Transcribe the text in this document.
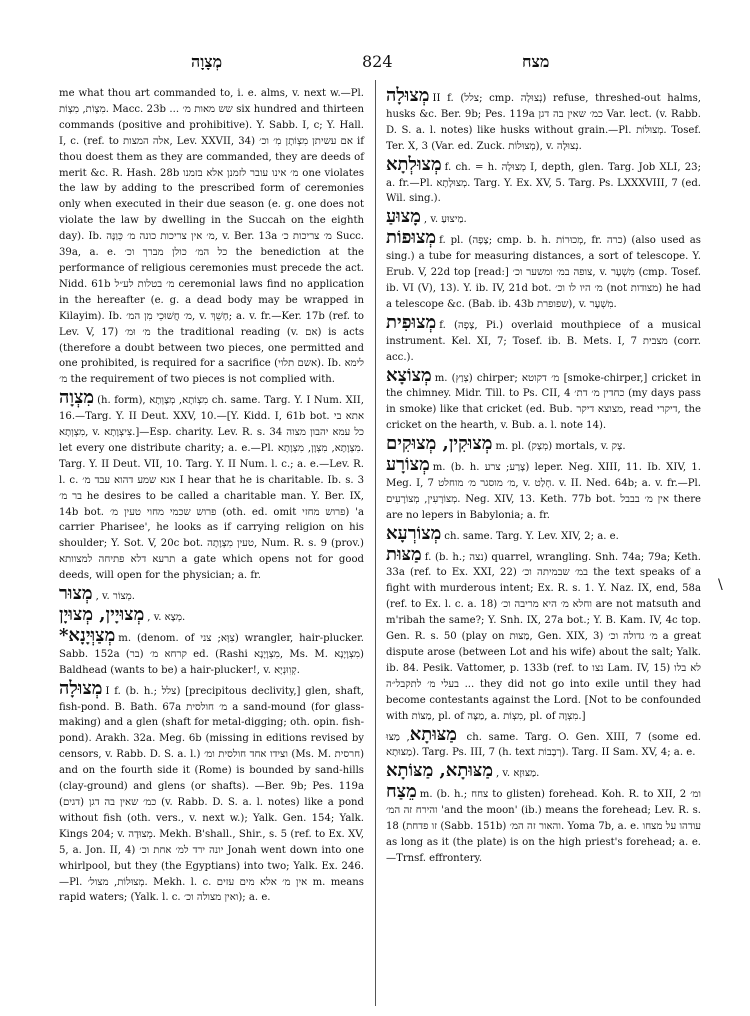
מְצָוָה	824	מצח

me what thou art commanded to, i. e. alms, v. next w.—Pl. מִצְוֹת, מִצְוֹת. Macc. 23b ... שש מאות מ׳ six hundred and thirteen commands (positive and prohibitive). Y. Sabb. I, c; Y. Hall. I, c. (ref. to אלה המצות, Lev. XXVII, 34) אם עשיתן מִצְוֹתָן מִ׳ וכ׳ if thou doest them as they are commanded, they are deeds of merit &c. R. Hash. 28b מ׳ אינו עובר לזמנן אלא בזמנו one violates the law by adding to the prescribed form of ceremonies only when executed in their due season (e. g. one does not violate the law by dwelling in the Succah on the eighth day). Ib. מ׳ אין צריכות כונה מ׳ כְּוַנָּה, v. Ber. 13a מ׳ צריכות כ׳ Succ. 39a, a. e. כל המ׳ כולן מברך וכ׳ the benediction at the performance of religious ceremonies must precede the act. Nidd. 61b מ׳ בטלות לע״ל ceremonial laws find no application in the hereafter (e. g. a dead body may be wrapped in Kilayim). Ib. מ׳ חֲשׁוּכֵי מִן המ׳, v. חָשֵׁךְ; a. v. fr.—Ker. 17b (ref. to Lev. V, 17) מ׳ וּמ׳ the traditional reading (v. אם) is acts (therefore a doubt between two pieces, one permitted and one prohibited, is required for a sacrifice (אשם תלוי). Ib. לימא מ׳ the requirement of two pieces is not complied with.

מִצְוָה (h. form), מִצְוֹתָא, מְצָוְתָא ch. same. Targ. Y. I Num. XII, 16.—Targ. Y. II Deut. XXV, 10.—[Y. Kidd. I, 61b bot. אתא בי מִצְוְתָא, v. צִיצְוָתָא.]—Esp. charity. Lev. R. s. 34 כל עמא יהבון מצוה let every one distribute charity; a. e.—Pl. מִצְוָתָא, מִצְוָן, מִצְוָתָא. Targ. Y. II Deut. VII, 10. Targ. Y. II Num. l. c.; a. e.—Lev. R. l. c. אנא שמע דהוא עבד מ׳ I hear that he is charitable. Ib. s. 3 בר מ׳ he desires to be called a charitable man. Y. Ber. IX, 14b bot. פרוש שכמי מחוי טעין מ׳ (oth. ed. omit פרוש מחזי) 'a carrier Pharisee', he looks as if carrying religion on his shoulder; Y. Sot. V, 20c bot. טעין מִצְוָתָה, Num. R. s. 9 (prov.) תרעא דלא פתיחה למצוותא a gate which opens not for good deeds, will open for the physician; a. fr.

מְצוּר , v. מְצוֹר.

מְצוּיָין, מְצוּיָן , v. מְצָא.

*מְצַוְּיָנָא m. (denom. of צִוָּא; צני) wrangler, hair-plucker. Sabb. 152a (בר) קרחא מ׳ ed. (Rashi מִצְוָיָנָא, Ms. M. מִצְוָיָנָא) Baldhead (wants to be) a hair-plucker!, v. קְוִוּנְיָא.

מְצוּלָה I f. (b. h.; צלל) [precipitous declivity,] glen, shaft, fish-pond. B. Bath. 67a מ׳ חולסית a sand-mound (for glass-making) and a glen (shaft for metal-digging; oth. opin. fish-pond). Arakh. 32a. Meg. 6b (missing in editions revised by censors, v. Rabb. D. S. a. l.) וצידו אחד חולסית ומ׳ (Ms. M. חרסית) and on the fourth side it (Rome) is bounded by sand-hills (clay-ground) and glens (or shafts). —Ber. 9b; Pes. 119a (דגים) כמ׳ שאין בה דגן (v. Rabb. D. S. a. l. notes) like a pond without fish (oth. vers., v. next w.); Yalk. Gen. 154; Yalk. Kings 204; v. מְצוּדָה. Mekh. B'shall., Shir., s. 5 (ref. to Ex. XV, 5, a. Jon. II, 4) יונה ירד למ׳ אחת וכ׳ Jonah went down into one whirlpool, but they (the Egyptians) into two; Yalk. Ex. 246.—Pl. מְצוּלוֹת, מצול׳. Mekh. l. c. אין מ׳ אלא מים עזים m. means rapid waters; (Yalk. l. c. ואין מצולה וכ׳); a. e.

מְצוּלָה II f. (צלל; cmp. נְצוּלָה) refuse, threshed-out halms, husks &c. Ber. 9b; Pes. 119a כמ׳ שאין בה דגן Var. lect. (v. Rabb. D. S. a. l. notes) like husks without grain.—Pl. מְצוּלוֹת. Tosef. Ter. X, 3 (Var. ed. Zuck. מְצוּלוֹת), v. נְצוּלָה.

מְצוּלְתָא f. ch. = h. מְצוּלָה I, depth, glen. Targ. Job XLI, 23; a. fr.—Pl. מְצוּלָתָא. Targ. Y. Ex. XV, 5. Targ. Ps. LXXXVIII, 7 (ed. Wil. sing.).

מָצוּעַ , v. מַיצוּעַ.

מְצוּפוֹת f. pl. (צָפָה; cmp. b. h. מְכוּרוֹת, fr. כרה) (also used as sing.) a tube for measuring distances, a sort of telescope. Y. Erub. V, 22d top [read:] צופה במ׳ ומשער וכ׳, v. מִשְׁעָר (cmp. Tosef. ib. VI (V), 13). Y. ib. IV, 21d bot. מ׳ היו לו וכ׳ (not מצודות) he had a telescope &c. (Bab. ib. 43b שפופרת), v. מִשְׁעָר.

מְצוּפִית f. (צָפָה, Pi.) overlaid mouthpiece of a musical instrument. Kel. XI, 7; Tosef. ib. B. Mets. I, 7 מצבית (corr. acc.).

מְצוֹצָא m. (צְוַץ) chirper; מ׳ דקוטא [smoke-chirper,] cricket in the chimney. Midr. Till. to Ps. CII, 4 כחדין מ׳ דת׳ (my days pass in smoke) like that cricket (ed. Bub. מצוצא דיקר, read דיקרי, the cricket on the hearth, v. Bub. a. l. note 14).

מְצוּקִין, מְצוּקִים m. pl. (מְצָק) mortals, v. צָק.

מְצוֹרָע m. (b. h. צָרַע; צרע) leper. Neg. XIII, 11. Ib. XIV, 1. Meg. I, 7 מ׳ מוסגר מ׳ מוחלט, v. חָלַט. v. II. Ned. 64b; a. v. fr.—Pl. מְצוֹרָעִין, מְצוֹרָעִים. Neg. XIV, 13. Keth. 77b bot. אין מ׳ בבבל there are no lepers in Babylonia; a. fr.

מְצוֹרְעָא ch. same. Targ. Y. Lev. XIV, 2; a. e.

מַצּוּת f. (b. h.; נצה) quarrel, wrangling. Snh. 74a; 79a; Keth. 33a (ref. to Ex. XXI, 22) במ׳ שבמיתה וכ׳ the text speaks of a fight with murderous intent; Ex. R. s. 1. Y. Naz. IX, end, 58a (ref. to Ex. l. c. a. 18) וחלא מ׳ היא מריבה וכ׳ are not matsuth and m'ribah the same?; Y. Snh. IX, 27a bot.; Y. B. Kam. IV, 4c top. Gen. R. s. 50 (play on מַצּוּת, Gen. XIX, 3) מ׳ גדולה וכ׳ a great dispute arose (between Lot and his wife) about the salt; Yalk. ib. 84. Pesik. Vattomer, p. 133b (ref. to נצו Lam. IV, 15) לא בלו ... בעלי מ׳ לתקבל״ה they did not go into exile until they had become contestants against the Lord. [Not to be confounded with מַצּוֹת, pl. of מַצָּה, a. מִצְוֹת, pl. of מִצְוָה.]

מַצּוּתָא, מַצּוּ ch. same. Targ. O. Gen. XIII, 7 (some ed. מַצּוּתָא). Targ. Ps. III, 7 (h. text רְבָבוֹת). Targ. II Sam. XV, 4; a. e.

מַצּוּתָא, מַצּוֹתָא , v. מַצּוּזָא.

מֵצַח m. (b. h.; צחח to glisten) forehead. Koh. R. to XII, 2 ומ׳ והירח זה המ׳ 'and the moon' (ib.) means the forehead; Lev. R. s. 18 (זו פדחת (Sabb. 151b) והאור זה המ׳. Yoma 7b, a. e. עודהו על מצחו as long as it (the plate) is on the high priest's forehead; a. e.—Trnsf. effrontery.

\
